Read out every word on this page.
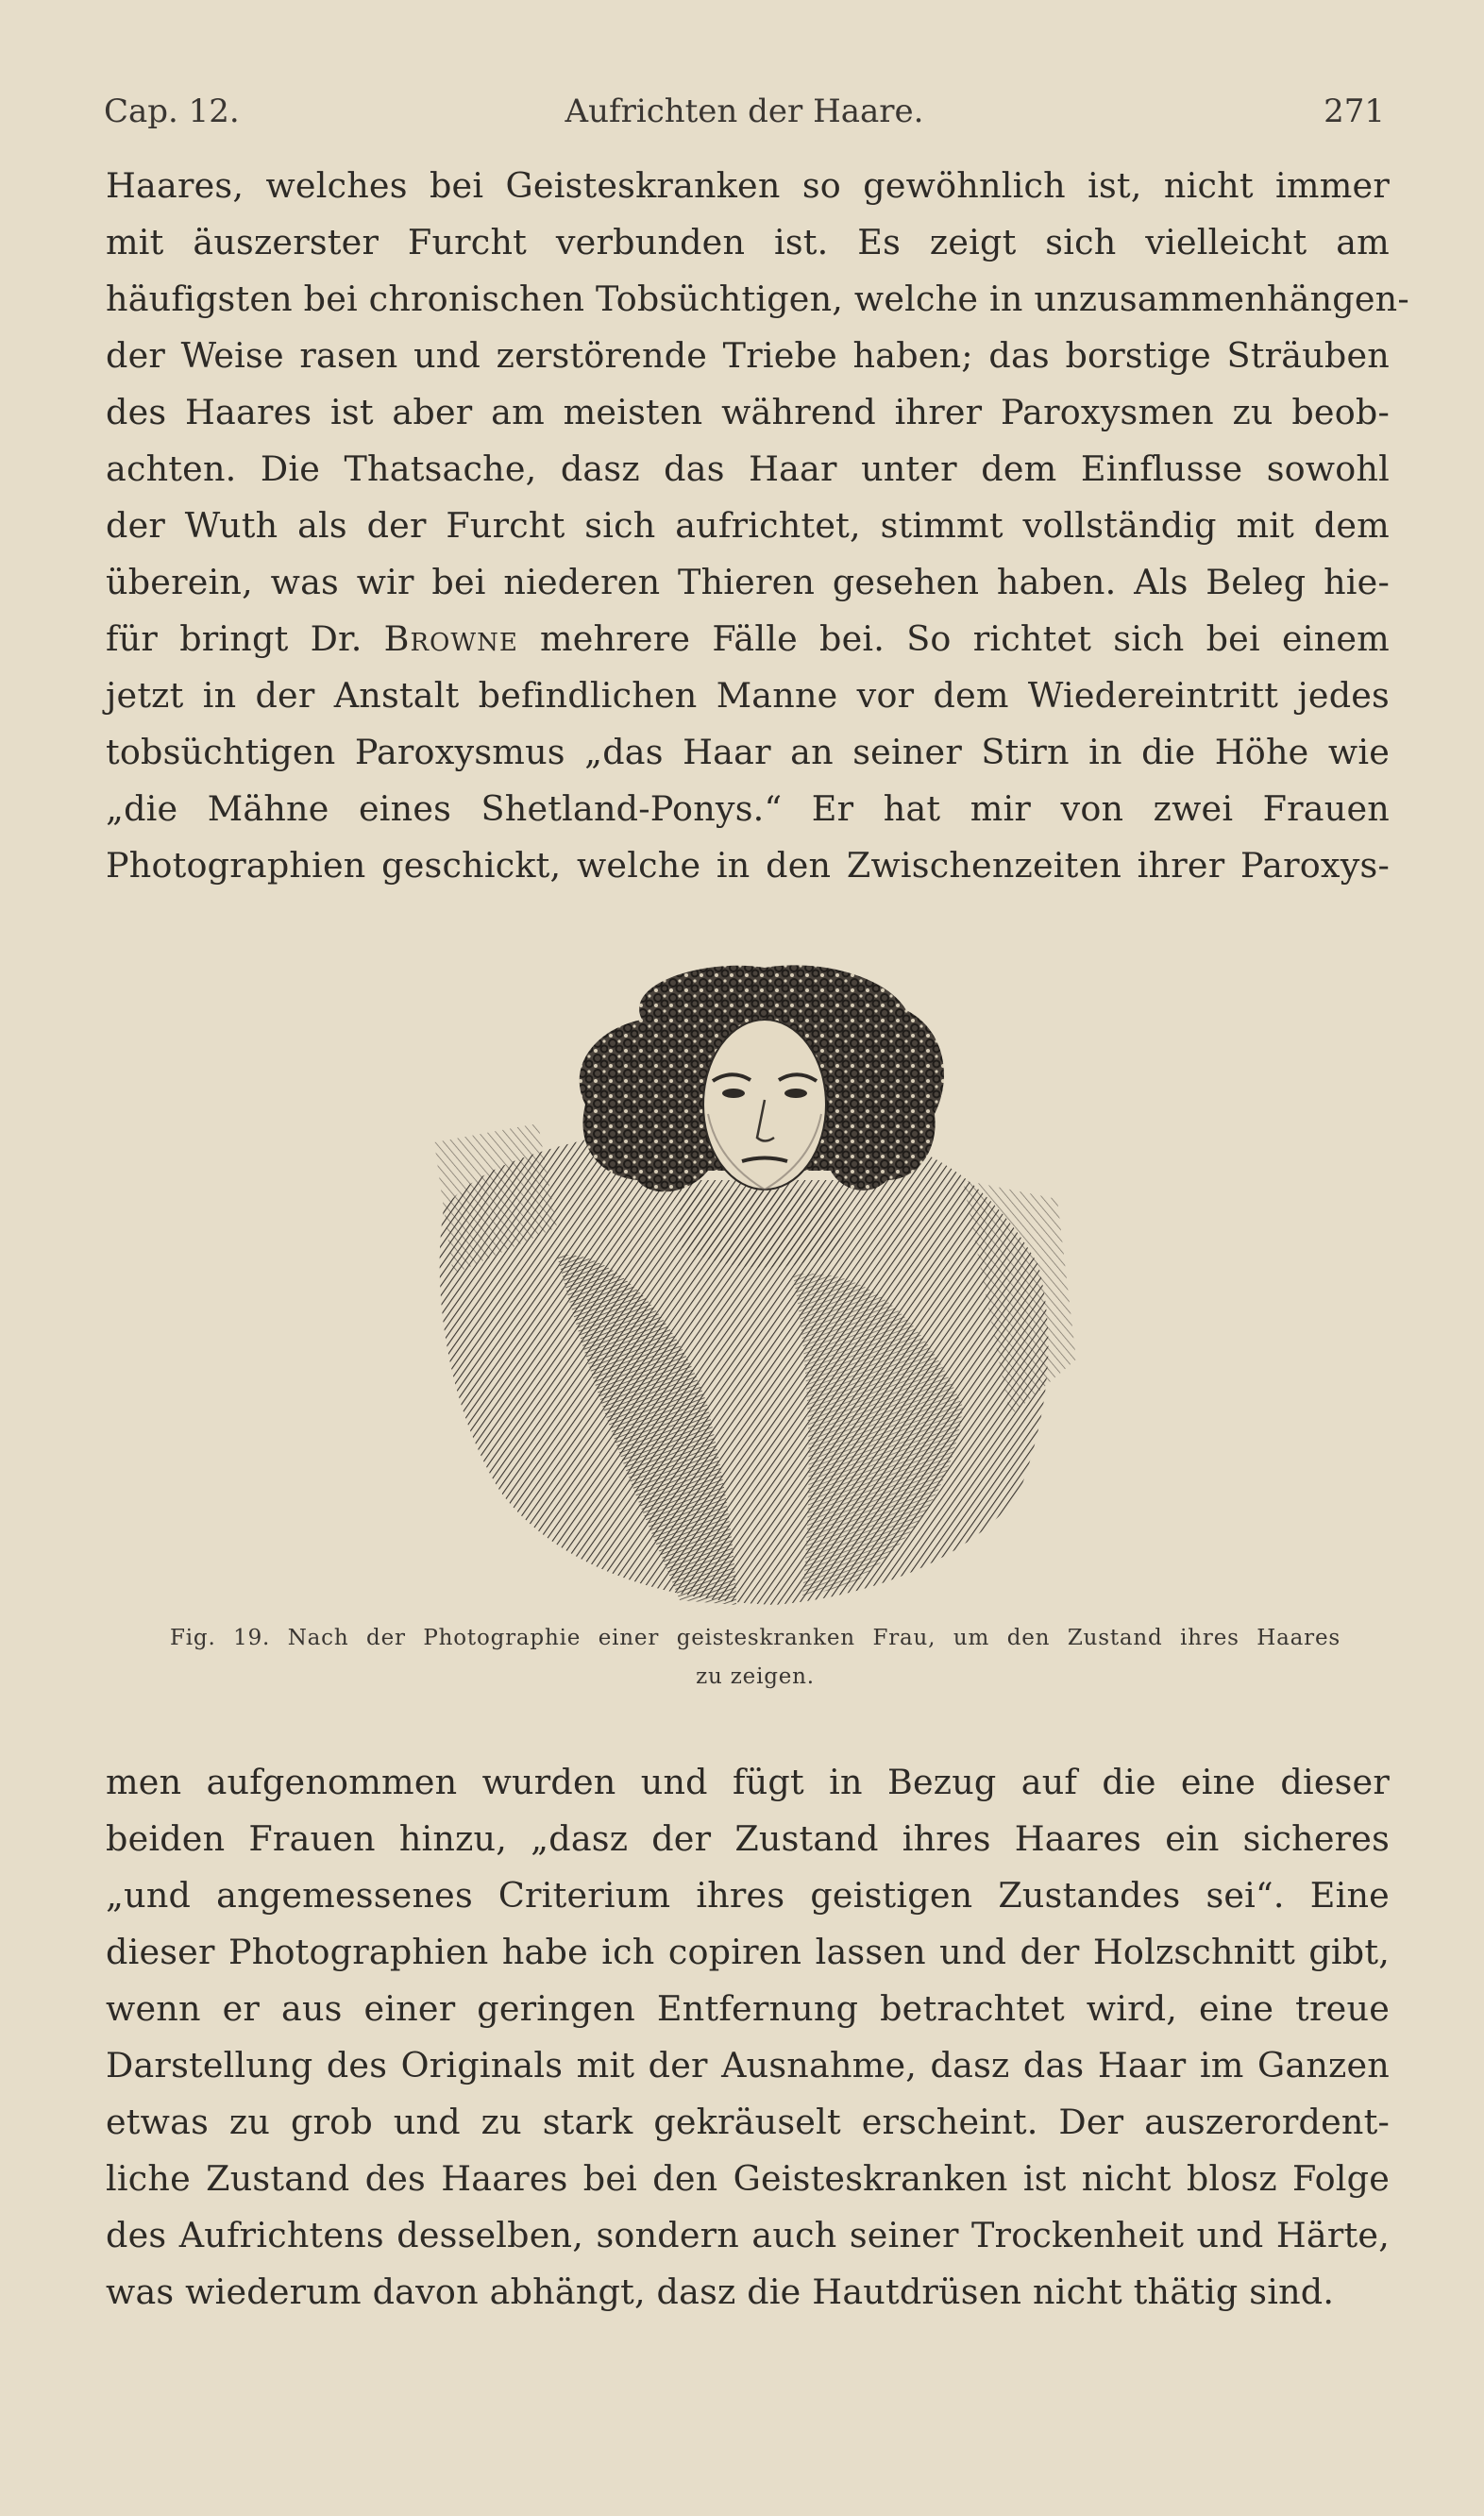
Cap. 12.	Aufrichten der Haare.	271
Haares, welches bei Geisteskranken so gewöhnlich ist, nicht immer
mit äuszerster Furcht verbunden ist. Es zeigt sich vielleicht am
häufigsten bei chronischen Tobsüchtigen, welche in unzusammenhängen-
der Weise rasen und zerstörende Triebe haben; das borstige Sträuben
des Haares ist aber am meisten während ihrer Paroxysmen zu beob-
achten. Die Thatsache, dasz das Haar unter dem Einflusse sowohl
der Wuth als der Furcht sich aufrichtet, stimmt vollständig mit dem
überein, was wir bei niederen Thieren gesehen haben. Als Beleg hie-
für bringt Dr. Browne mehrere Fälle bei. So richtet sich bei einem
jetzt in der Anstalt befindlichen Manne vor dem Wiedereintritt jedes
tobsüchtigen Paroxysmus „das Haar an seiner Stirn in die Höhe wie
„die Mähne eines Shetland-Ponys.“ Er hat mir von zwei Frauen
Photographien geschickt, welche in den Zwischenzeiten ihrer Paroxys-
Fig. 19. Nach der Photographie einer geisteskranken Frau, um den Zustand ihres Haares
zu zeigen.
men aufgenommen wurden und fügt in Bezug auf die eine dieser
beiden Frauen hinzu, „dasz der Zustand ihres Haares ein sicheres
„und angemessenes Criterium ihres geistigen Zustandes sei“. Eine
dieser Photographien habe ich copiren lassen und der Holzschnitt gibt,
wenn er aus einer geringen Entfernung betrachtet wird, eine treue
Darstellung des Originals mit der Ausnahme, dasz das Haar im Ganzen
etwas zu grob und zu stark gekräuselt erscheint. Der auszerordent-
liche Zustand des Haares bei den Geisteskranken ist nicht blosz Folge
des Aufrichtens desselben, sondern auch seiner Trockenheit und Härte,
was wiederum davon abhängt, dasz die Hautdrüsen nicht thätig sind.
